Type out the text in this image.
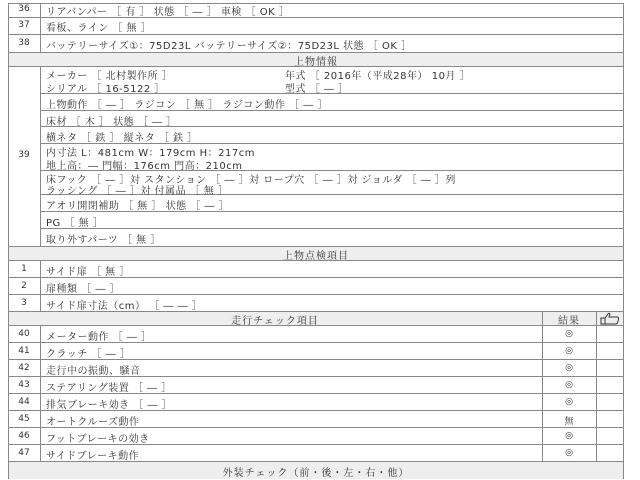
36	リアバンパー ［ 有 ］ 状態 ［ ― ］ 車検 ［ OK ］
37	看板、ライン ［ 無 ］
38	バッテリーサイズ①：75D23L バッテリーサイズ②：75D23L 状態 ［ OK ］
上物情報
39
メーカー ［ 北村製作所 ］	年式 ［ 2016年（平成28年） 10月 ］
シリアル ［ 16-5122 ］	型式 ［ ― ］
上物動作 ［ ― ］ ラジコン ［ 無 ］ ラジコン動作 ［ ― ］
床材 ［ 木 ］ 状態 ［ ― ］
横ネタ ［ 鉄 ］ 縦ネタ ［ 鉄 ］
内寸法 L：481cm W：179cm H：217cm
地上高：― 門幅：176cm 門高：210cm
床フック ［ ― ］対 スタンション ［ ― ］対 ロープ穴 ［ ― ］対 ジョルダ ［ ― ］列
ラッシング ［ ― ］対 付属品 ［ 無 ］
アオリ開閉補助 ［ 無 ］ 状態 ［ ― ］
PG ［ 無 ］
取り外すパーツ ［ 無 ］
上物点検項目
1	サイド扉 ［ 無 ］
2	扉種類 ［ ― ］
3	サイド扉寸法（cm） ［ ― ― ］
走行チェック項目	結果
40	メーター動作 ［ ― ］	◎
41	クラッチ ［ ― ］	◎
42	走行中の振動、騒音	◎
43	ステアリング装置 ［ ― ］	◎
44	排気ブレーキ効き ［ ― ］	◎
45	オートクルーズ動作	無
46	フットブレーキの効き	◎
47	サイドブレーキ動作	◎
外装チェック（前・後・左・右・他）
